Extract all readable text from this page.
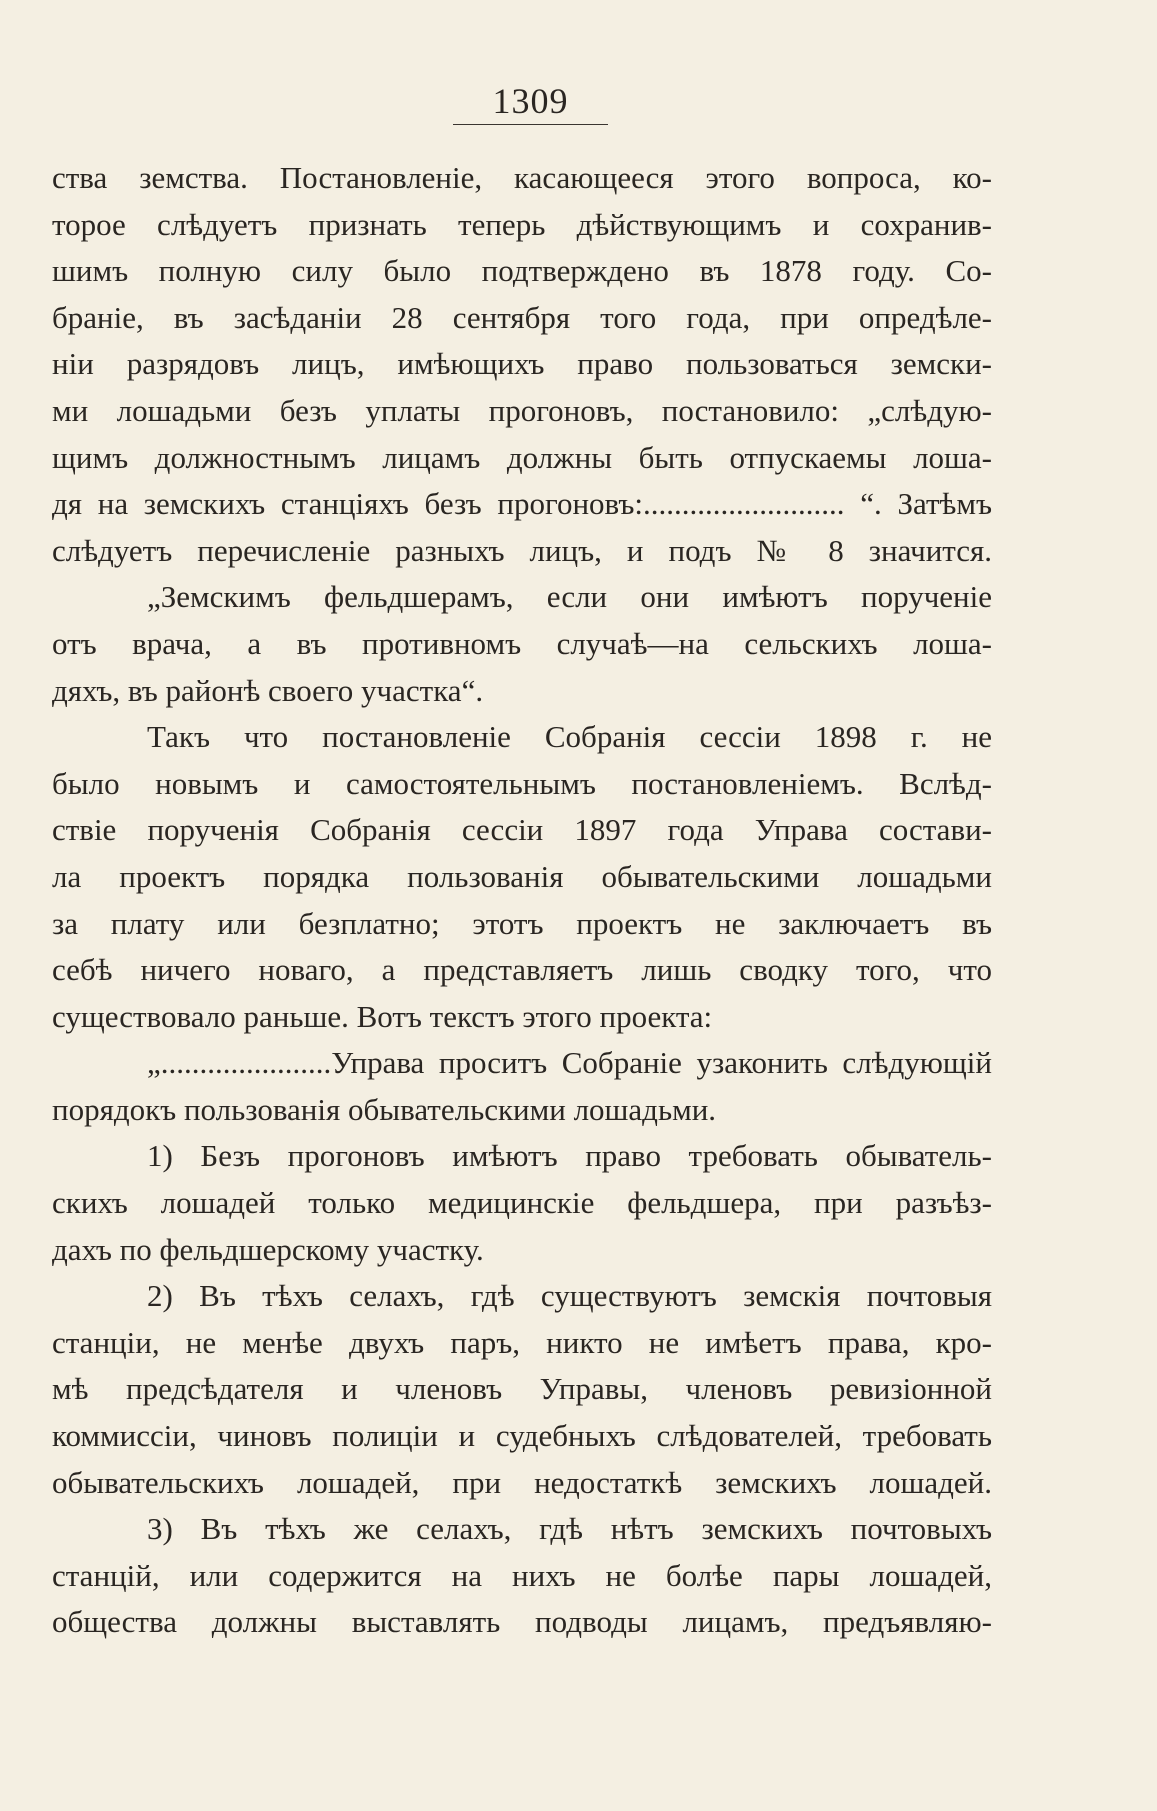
1309
ства земства. Постановленіе, касающееся этого вопроса, ко-
торое слѣдуетъ признать теперь дѣйствующимъ и сохранив-
шимъ полную силу было подтверждено въ 1878 году. Со-
браніе, въ засѣданіи 28 сентября того года, при опредѣле-
ніи разрядовъ лицъ, имѣющихъ право пользоваться земски-
ми лошадьми безъ уплаты прогоновъ, постановило: „слѣдую-
щимъ должностнымъ лицамъ должны быть отпускаемы лоша-
дя на земскихъ станціяхъ безъ прогоновъ:.......................... “. Затѣмъ
слѣдуетъ перечисленіе разныхъ лицъ, и подъ № 8 значится.
„Земскимъ фельдшерамъ, если они имѣютъ порученіе
отъ врача, а въ противномъ случаѣ—на сельскихъ лоша-
дяхъ, въ районѣ своего участка“.
Такъ что постановленіе Собранія сессіи 1898 г. не
было новымъ и самостоятельнымъ постановленіемъ. Вслѣд-
ствіе порученія Собранія сессіи 1897 года Управа состави-
ла проектъ порядка пользованія обывательскими лошадьми
за плату или безплатно; этотъ проектъ не заключаетъ въ
себѣ ничего новаго, а представляетъ лишь сводку того, что
существовало раньше. Вотъ текстъ этого проекта:
„......................Управа проситъ Собраніе узаконить слѣдующій
порядокъ пользованія обывательскими лошадьми.
1) Безъ прогоновъ имѣютъ право требовать обыватель-
скихъ лошадей только медицинскіе фельдшера, при разъѣз-
дахъ по фельдшерскому участку.
2) Въ тѣхъ селахъ, гдѣ существуютъ земскія почтовыя
станціи, не менѣе двухъ паръ, никто не имѣетъ права, кро-
мѣ предсѣдателя и членовъ Управы, членовъ ревизіонной
коммиссіи, чиновъ полиціи и судебныхъ слѣдователей, требовать
обывательскихъ лошадей, при недостаткѣ земскихъ лошадей.
3) Въ тѣхъ же селахъ, гдѣ нѣтъ земскихъ почтовыхъ
станцій, или содержится на нихъ не болѣе пары лошадей,
общества должны выставлять подводы лицамъ, предъявляю-
